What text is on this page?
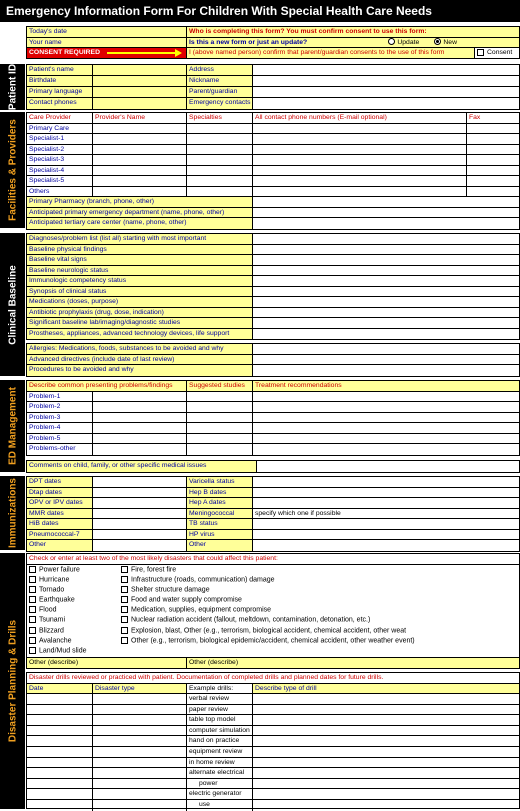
Emergency Information Form For Children With Special Health Care Needs
Today's date	Who is completing this form? You must confirm consent to use this form:
Your name	Is this a new form or just an update?	Update	New
CONSENT REQUIRED	I (above named person) confirm that parent/guardian consents to the use of this form	Consent
Patient ID Patient's name	Address
Birthdate	Nickname
Primary language	Parent/guardian
Contact phones	Emergency contacts
Facilities & Providers
Care Provider	Provider's Name	Specialties	All contact phone numbers (E-mail optional)	Fax
Primary Care
Specialist-1
Specialist-2
Specialist-3
Specialist-4
Specialist-5
Others
Primary Pharmacy (branch, phone, other)
Anticipated primary emergency department (name, phone, other)
Anticipated tertiary care center (name, phone, other)
Clinical Baseline
Diagnoses/problem list (list all) starting with most important
Baseline physical findings
Baseline vital signs
Baseline neurologic status
Immunologic competency status
Synopsis of clinical status
Medications (doses, purpose)
Antibiotic prophylaxis (drug, dose, indication)
Significant baseline lab/imaging/diagnostic studies
Prostheses, appliances, advanced technology devices, life support
Allergies: Medications, foods, substances to be avoided and why
Advanced directives (include date of last review)
Procedures to be avoided and why
ED Management
Describe common presenting problems/findings	Suggested studies	Treatment recommendations
Problem-1
Problem-2
Problem-3
Problem-4
Problem-5
Problems-other
Comments on child, family, or other specific medical issues
Immunizations DPT dates	Varicella status
Dtap dates	Hep B dates
OPV or IPV dates	Hep A dates
MMR dates	Meningococcal	specify which one if possible
HiB dates	TB status
Pneumococcal-7	HP virus
Other	Other
Disaster Planning & Drills
Check or enter at least two of the most likely disasters that could affect this patient:
Power failure
Hurricane
Tornado
Earthquake
Flood
Tsunami
Blizzard
Avalanche
Land/Mud slide
Fire, forest fire
Infrastructure (roads, communication) damage
Shelter structure damage
Food and water supply compromise
Medication, supplies, equipment compromise
Nuclear radiation accident (fallout, meltdown, contamination, detonation, etc.)
Explosion, blast, Other (e.g., terrorism, biological accident, chemical accident, other weat
Other (e.g., terrorism, biological epidemic/accident, chemical accident, other weather event)
Other (describe)	Other (describe)
Disaster drills reviewed or practiced with patient. Documentation of completed drills and planned dates for future drills.
Date	Disaster type	Example drills:	Describe type of drill
verbal review
paper review
table top model
computer simulation
hand on practice
equipment review
in home review
alternate electrical
power
electric generator
use
